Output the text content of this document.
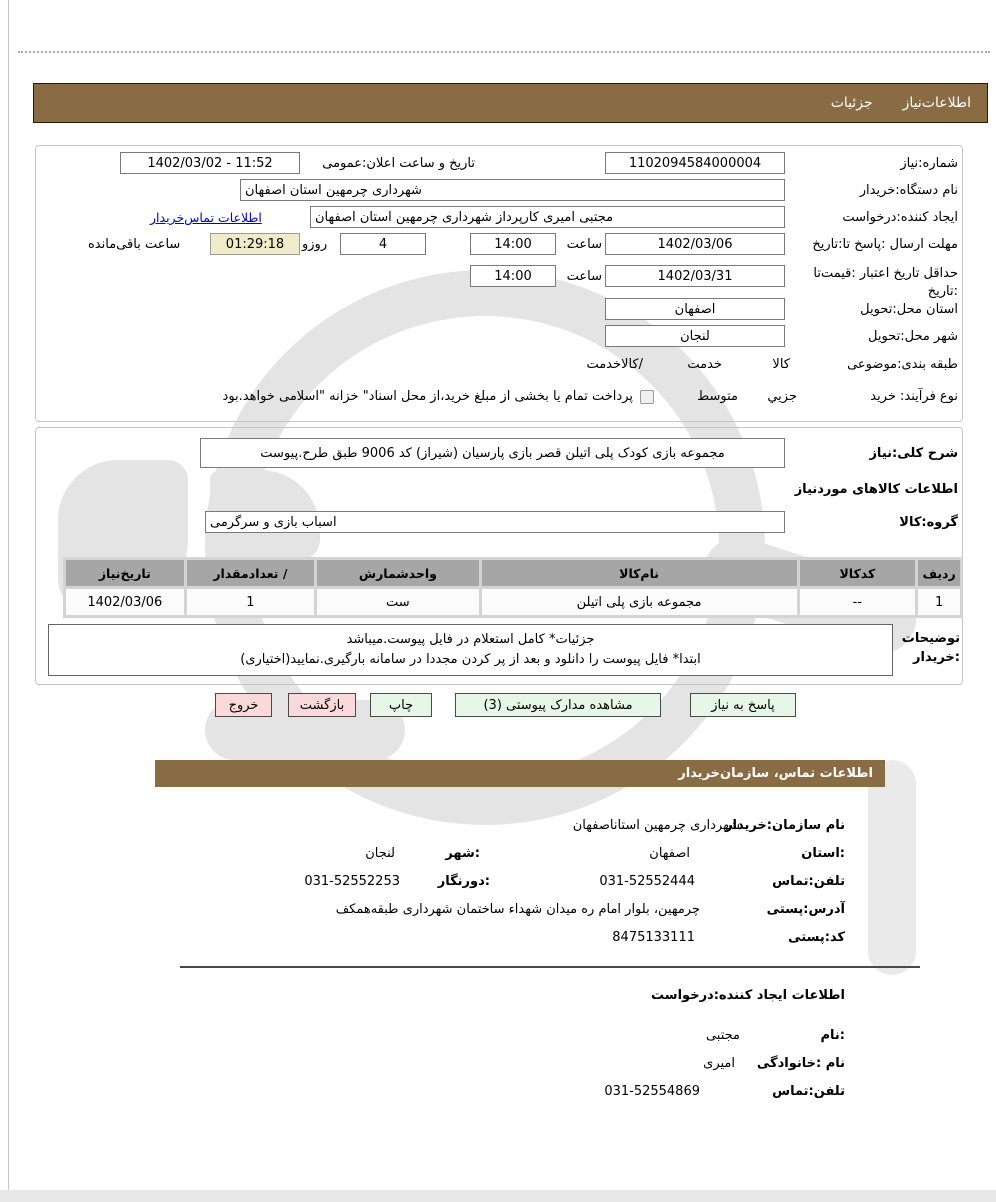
اطلاعات‌نیاز
جزئیات
شماره:نیاز
1102094584000004
تاریخ و ساعت اعلان:عمومی
1402/03/02 - 11:52
نام دستگاه:خریدار
شهرداری چرمهین استان اصفهان
ایجاد کننده:درخواست
مجتبی امیری کارپرداز شهرداری چرمهین استان اصفهان
اطلاعات تماس‌خریدار
مهلت ارسال :پاسخ تا:تاریخ
1402/03/06
ساعت
14:00
4
روزو
01:29:18
ساعت باقی‌مانده
حداقل تاریخ اعتبار :قیمت‌تا
:تاریخ
1402/03/31
ساعت
14:00
استان محل:تحویل
اصفهان
شهر محل:تحویل
لنجان
طبقه بندی:موضوعی
کالا
خدمت
/کالاخدمت
نوع فرآیند: خرید
جزیي
متوسط
پرداخت تمام یا بخشی از مبلغ خرید،از محل اسناد" خزانه "اسلامی خواهد.بود
شرح کلی:نیاز
مجموعه بازی کودک پلی اتیلن قصر بازی پارسیان (شیراز) کد 9006 طبق طرح.پیوست
اطلاعات کالاهای موردنیاز
گروه:کالا
اسباب بازی و سرگرمی
ردیف
کدکالا
نام‌کالا
واحدشمارش
/ تعدادمقدار
تاریخ‌نیاز
1
--
مجموعه بازی پلی اتیلن
ست
1
1402/03/06
توضیحات
:خریدار
جزئیات* کامل استعلام در فایل پیوست.میباشد
ابتدا* فایل پیوست را دانلود و بعد از پر کردن مجددا در سامانه بارگیری.نمایید(اختیاری)
پاسخ به نیاز
مشاهده مدارک پیوستی (3)
چاپ
بازگشت
خروج
اطلاعات تماس، سازمان‌خریدار
نام سازمان:خریدار
شهرداری چرمهین استاناصفهان
:استان
اصفهان
:شهر
لنجان
تلفن:تماس
031-52552444
:دورنگار
031-52552253
آدرس:پستی
چرمهین، بلوار امام ره میدان شهداء ساختمان شهرداری طبقه‌همکف
کد:پستی
8475133111
اطلاعات ایجاد کننده:درخواست
:نام
مجتبی
نام :خانوادگی
امیری
تلفن:تماس
031-52554869
